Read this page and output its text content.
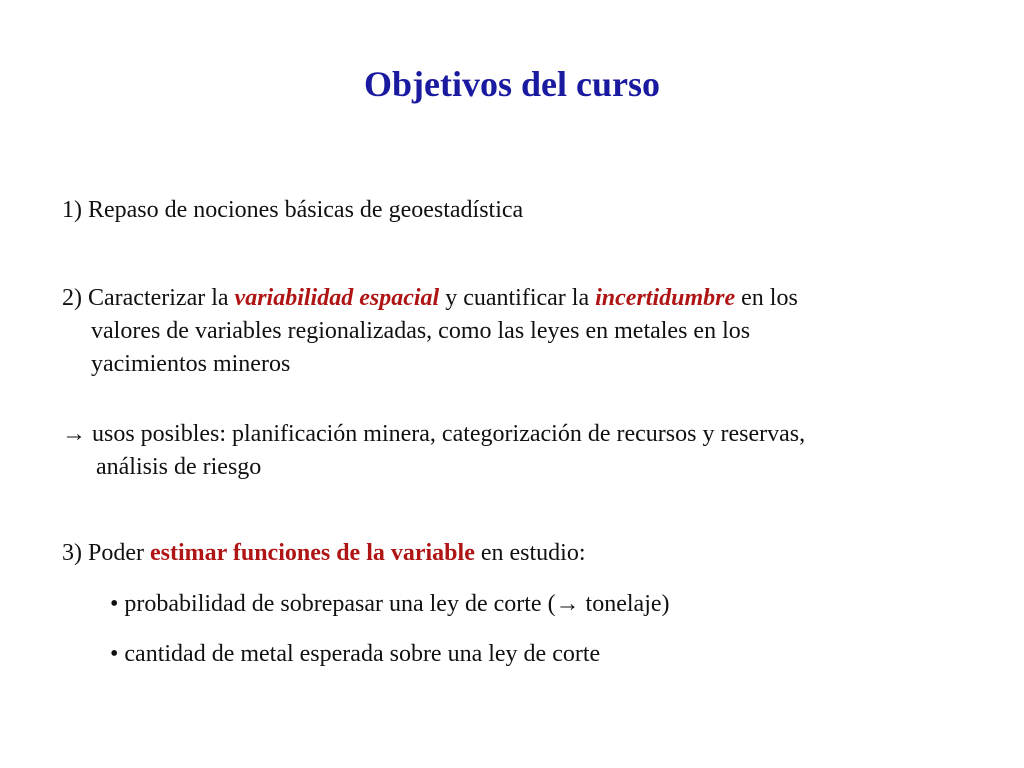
Objetivos del curso
1) Repaso de nociones básicas de geoestadística
2) Caracterizar la variabilidad espacial y cuantificar la incertidumbre en los
valores de variables regionalizadas, como las leyes en metales en los
yacimientos mineros
→ usos posibles: planificación minera, categorización de recursos y reservas,
análisis de riesgo
3) Poder estimar funciones de la variable en estudio:
• probabilidad de sobrepasar una ley de corte (→ tonelaje)
• cantidad de metal esperada sobre una ley de corte
